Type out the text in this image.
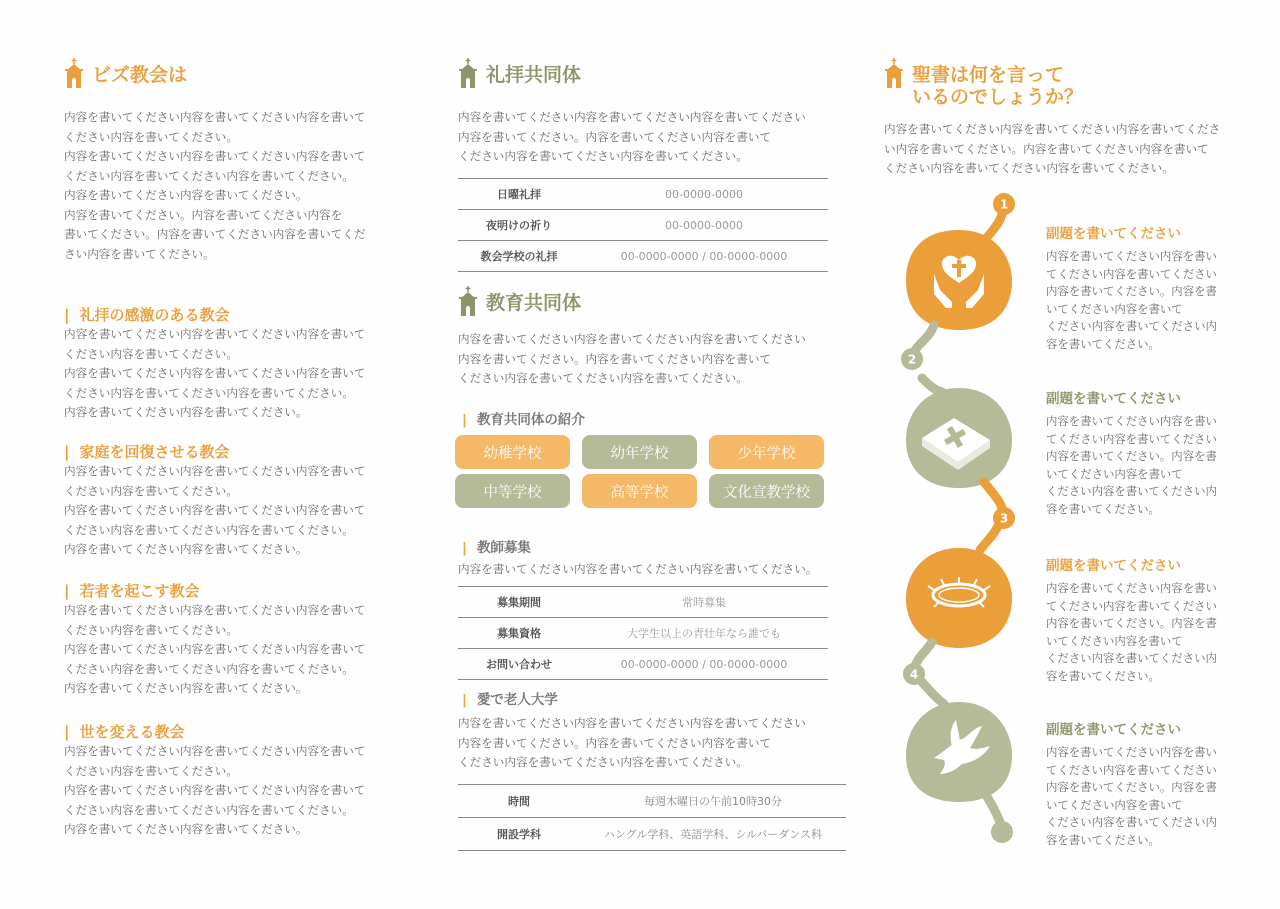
ビズ教会は
内容を書いてください内容を書いてください内容を書いて
ください内容を書いてください。
内容を書いてください内容を書いてください内容を書いて
ください内容を書いてください内容を書いてください。
内容を書いてください内容を書いてください。
内容を書いてください。内容を書いてください内容を
書いてください。内容を書いてください内容を書いてくだ
さい内容を書いてください。
| 礼拝の感激のある教会
内容を書いてください内容を書いてください内容を書いて
ください内容を書いてください。
内容を書いてください内容を書いてください内容を書いて
ください内容を書いてください内容を書いてください。
内容を書いてください内容を書いてください。
| 家庭を回復させる教会
内容を書いてください内容を書いてください内容を書いて
ください内容を書いてください。
内容を書いてください内容を書いてください内容を書いて
ください内容を書いてください内容を書いてください。
内容を書いてください内容を書いてください。
| 若者を起こす教会
内容を書いてください内容を書いてください内容を書いて
ください内容を書いてください。
内容を書いてください内容を書いてください内容を書いて
ください内容を書いてください内容を書いてください。
内容を書いてください内容を書いてください。
| 世を変える教会
内容を書いてください内容を書いてください内容を書いて
ください内容を書いてください。
内容を書いてください内容を書いてください内容を書いて
ください内容を書いてください内容を書いてください。
内容を書いてください内容を書いてください。
礼拝共同体
内容を書いてください内容を書いてください内容を書いてください
内容を書いてください。内容を書いてください内容を書いて
ください内容を書いてください内容を書いてください。
日曜礼拝	00-0000-0000
夜明けの祈り	00-0000-0000
教会学校の礼拝	00-0000-0000 / 00-0000-0000
教育共同体
内容を書いてください内容を書いてください内容を書いてください
内容を書いてください。内容を書いてください内容を書いて
ください内容を書いてください内容を書いてください。
| 教育共同体の紹介
幼稚学校	幼年学校	少年学校
中等学校	高等学校	文化宣教学校
| 教師募集
内容を書いてください内容を書いてください内容を書いてください。
募集期間	常時募集
募集資格	大学生以上の青壮年なら誰でも
お問い合わせ	00-0000-0000 / 00-0000-0000
| 愛で老人大学
内容を書いてください内容を書いてください内容を書いてください
内容を書いてください。内容を書いてください内容を書いて
ください内容を書いてください内容を書いてください。
時間	毎週木曜日の午前10時30分
開設学科	ハングル学科、英語学科、シルバーダンス科
聖書は何を言って
いるのでしょうか？
内容を書いてください内容を書いてください内容を書いてくださ
い内容を書いてください。内容を書いてください内容を書いて
ください内容を書いてください内容を書いてください。
1
2
3
4
副題を書いてください
内容を書いてください内容を書い
てください内容を書いてください
内容を書いてください。内容を書
いてください内容を書いて
ください内容を書いてください内
容を書いてください。
副題を書いてください
内容を書いてください内容を書い
てください内容を書いてください
内容を書いてください。内容を書
いてください内容を書いて
ください内容を書いてください内
容を書いてください。
副題を書いてください
内容を書いてください内容を書い
てください内容を書いてください
内容を書いてください。内容を書
いてください内容を書いて
ください内容を書いてください内
容を書いてください。
副題を書いてください
内容を書いてください内容を書い
てください内容を書いてください
内容を書いてください。内容を書
いてください内容を書いて
ください内容を書いてください内
容を書いてください。
